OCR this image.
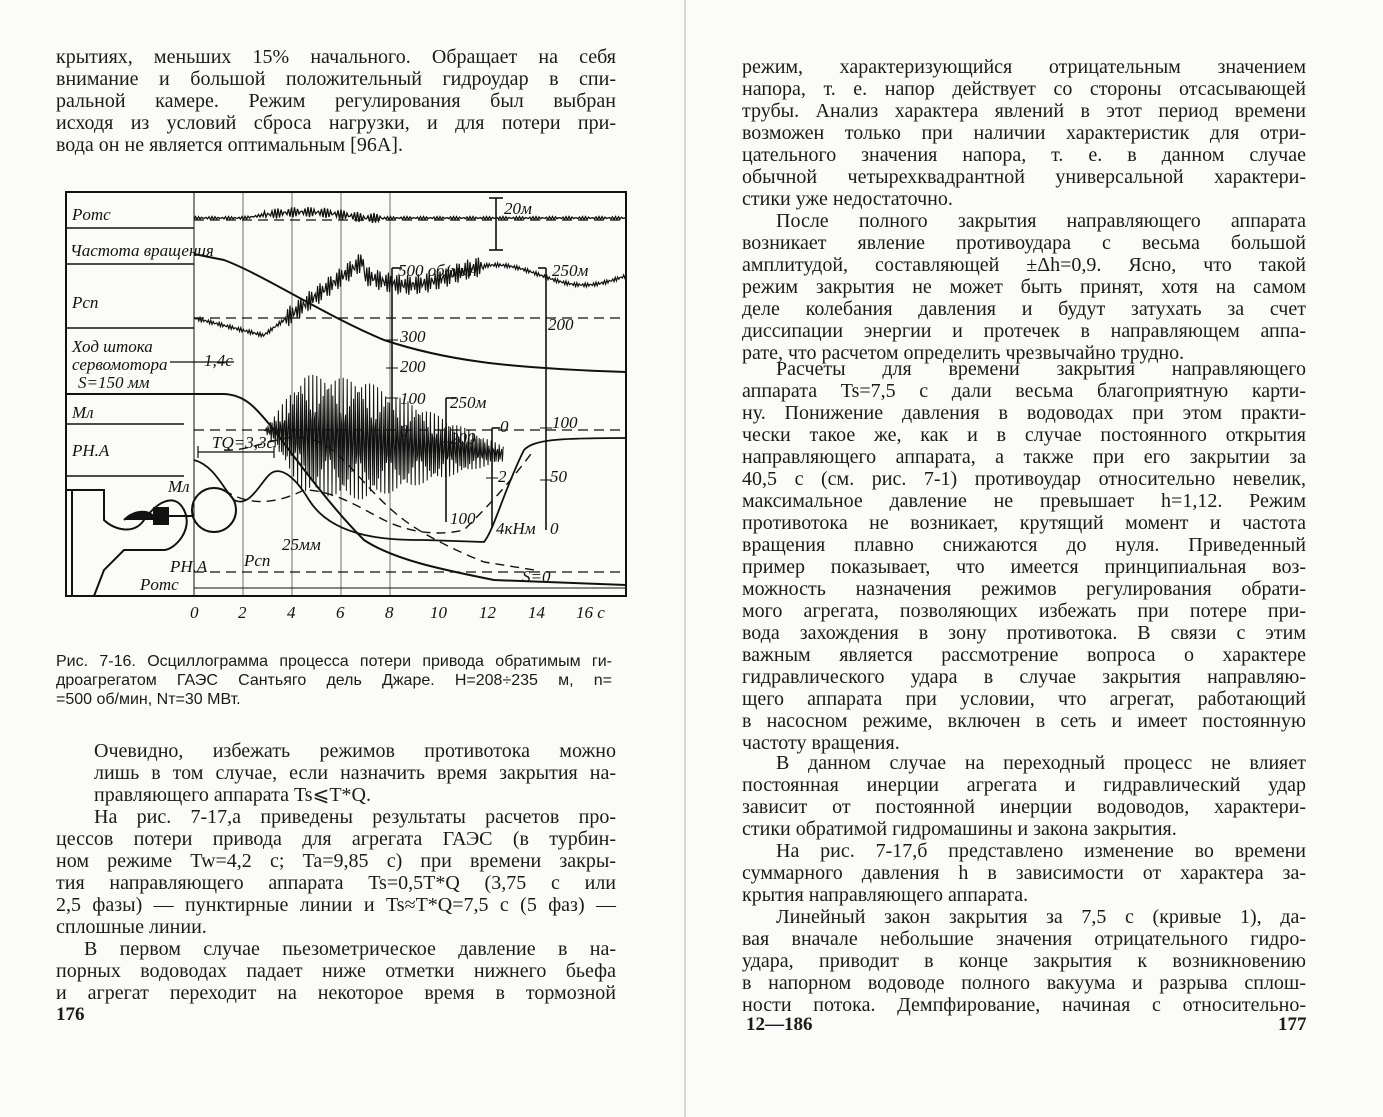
крытиях, меньших 15% начального. Обращает на себя
внимание и большой положительный гидроудар в спи-
ральной камере. Режим регулирования был выбран
исходя из условий сброса нагрузки, и для потери при-
вода он не является оптимальным [96А].
Pотс
Частота вращения
Pсп
Ход штока
сервомотора
S=150 мм
Mл
PН.А
20м
500 об/мин	250м
300
200
200
100
0
250м
100
0
200
2	50
100
4кНм 0
25мм
1,4с
TQ=3,3с
S=0
Mл
Pсп
PН.А
Pотс
0 2 4 6 8 10 12 14 16 с
Рис. 7-16. Осциллограмма процесса потери привода обратимым ги-
дроагрегатом ГАЭС Сантьяго дель Джаре. H=208÷235 м, n=
=500 об/мин, Nт=30 МВт.
Очевидно, избежать режимов противотока можно
лишь в том случае, если назначить время закрытия на-
правляющего аппарата Ts⩽T*Q.
На рис. 7-17,а приведены результаты расчетов про-
цессов потери привода для агрегата ГАЭС (в турбин-
ном режиме Tw=4,2 с; Ta=9,85 с) при времени закры-
тия направляющего аппарата Ts=0,5T*Q (3,75 с или
2,5 фазы) — пунктирные линии и Ts≈T*Q=7,5 с (5 фаз) —
сплошные линии.
В первом случае пьезометрическое давление в на-
порных водоводах падает ниже отметки нижнего бьефа
и агрегат переходит на некоторое время в тормозной
176
режим, характеризующийся отрицательным значением
напора, т. е. напор действует со стороны отсасывающей
трубы. Анализ характера явлений в этот период времени
возможен только при наличии характеристик для отри-
цательного значения напора, т. е. в данном случае
обычной четырехквадрантной универсальной характери-
стики уже недостаточно.
После полного закрытия направляющего аппарата
возникает явление противоудара с весьма большой
амплитудой, составляющей ±Δh=0,9. Ясно, что такой
режим закрытия не может быть принят, хотя на самом
деле колебания давления и будут затухать за счет
диссипации энергии и протечек в направляющем аппа-
рате, что расчетом определить чрезвычайно трудно.
Расчеты для времени закрытия направляющего
аппарата Ts=7,5 с дали весьма благоприятную карти-
ну. Понижение давления в водоводах при этом практи-
чески такое же, как и в случае постоянного открытия
направляющего аппарата, а также при его закрытии за
40,5 с (см. рис. 7-1) противоудар относительно невелик,
максимальное давление не превышает h=1,12. Режим
противотока не возникает, крутящий момент и частота
вращения плавно снижаются до нуля. Приведенный
пример показывает, что имеется принципиальная воз-
можность назначения режимов регулирования обрати-
мого агрегата, позволяющих избежать при потере при-
вода захождения в зону противотока. В связи с этим
важным является рассмотрение вопроса о характере
гидравлического удара в случае закрытия направляю-
щего аппарата при условии, что агрегат, работающий
в насосном режиме, включен в сеть и имеет постоянную
частоту вращения.
В данном случае на переходный процесс не влияет
постоянная инерции агрегата и гидравлический удар
зависит от постоянной инерции водоводов, характери-
стики обратимой гидромашины и закона закрытия.
На рис. 7-17,б представлено изменение во времени
суммарного давления h в зависимости от характера за-
крытия направляющего аппарата.
Линейный закон закрытия за 7,5 с (кривые 1), да-
вая вначале небольшие значения отрицательного гидро-
удара, приводит в конце закрытия к возникновению
в напорном водоводе полного вакуума и разрыва сплош-
ности потока. Демпфирование, начиная с относительно-
12—186	177
